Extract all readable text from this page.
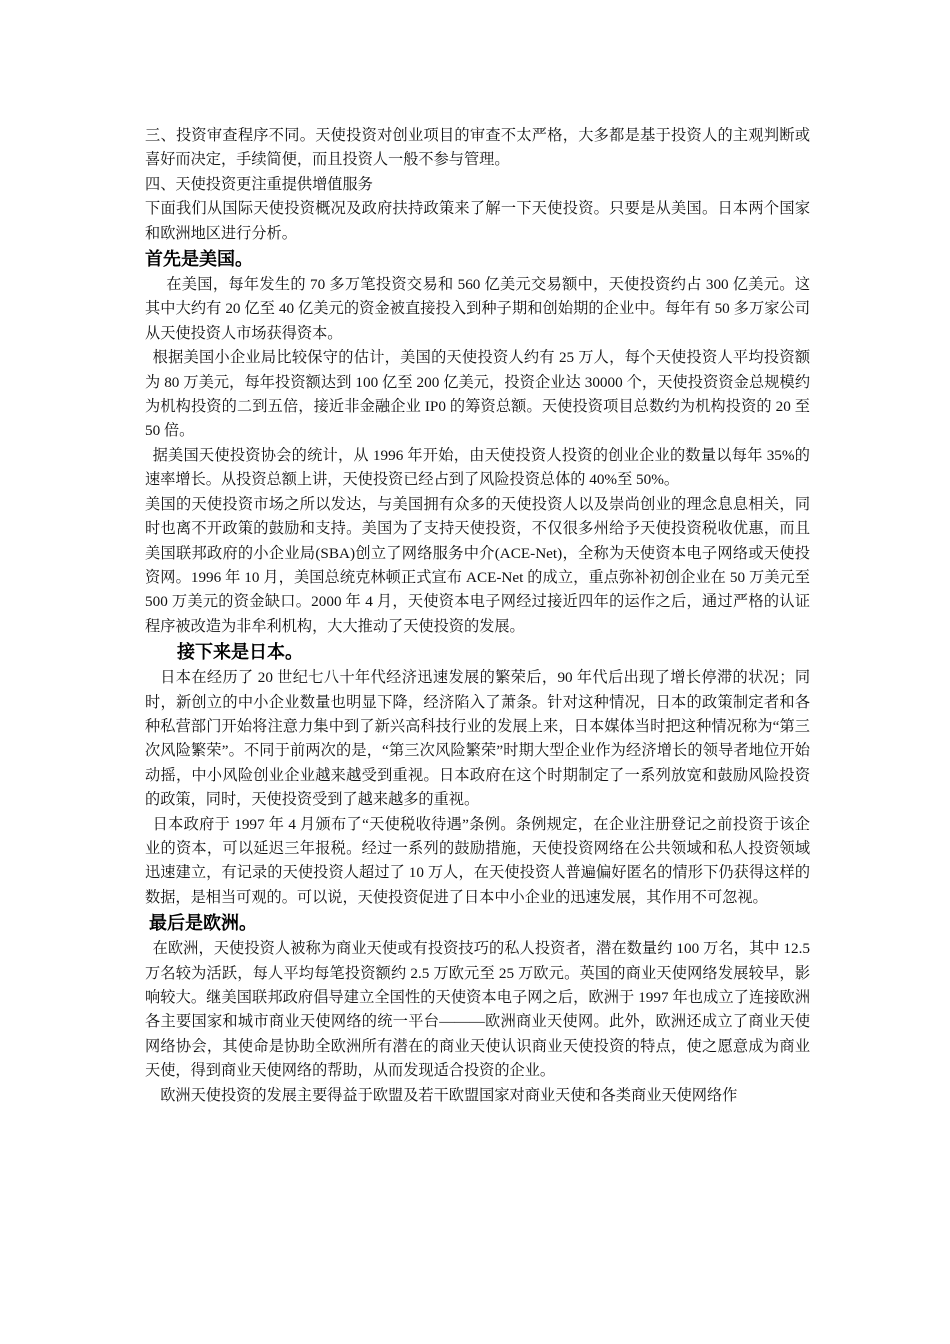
三、投资审查程序不同。天使投资对创业项目的审查不太严格，大多都是基于投资人的主观判断或喜好而决定，手续简便，而且投资人一般不参与管理。

四、天使投资更注重提供增值服务

下面我们从国际天使投资概况及政府扶持政策来了解一下天使投资。只要是从美国。日本两个国家和欧洲地区进行分析。

首先是美国。

在美国，每年发生的 70 多万笔投资交易和 560 亿美元交易额中，天使投资约占 300 亿美元。这其中大约有 20 亿至 40 亿美元的资金被直接投入到种子期和创始期的企业中。每年有 50 多万家公司从天使投资人市场获得资本。

根据美国小企业局比较保守的估计，美国的天使投资人约有 25 万人，每个天使投资人平均投资额为 80 万美元，每年投资额达到 100 亿至 200 亿美元，投资企业达 30000 个，天使投资资金总规模约为机构投资的二到五倍，接近非金融企业 IP0 的筹资总额。天使投资项目总数约为机构投资的 20 至 50 倍。

据美国天使投资协会的统计，从 1996 年开始，由天使投资人投资的创业企业的数量以每年 35%的速率增长。从投资总额上讲，天使投资已经占到了风险投资总体的 40%至 50%。

美国的天使投资市场之所以发达，与美国拥有众多的天使投资人以及崇尚创业的理念息息相关，同时也离不开政策的鼓励和支持。美国为了支持天使投资，不仅很多州给予天使投资税收优惠，而且美国联邦政府的小企业局(SBA)创立了网络服务中介(ACE-Net)，全称为天使资本电子网络或天使投资网。1996 年 10 月，美国总统克林顿正式宣布 ACE-Net 的成立，重点弥补初创企业在 50 万美元至 500 万美元的资金缺口。2000 年 4 月，天使资本电子网经过接近四年的运作之后，通过严格的认证程序被改造为非牟利机构，大大推动了天使投资的发展。

接下来是日本。

日本在经历了 20 世纪七八十年代经济迅速发展的繁荣后，90 年代后出现了增长停滞的状况；同时，新创立的中小企业数量也明显下降，经济陷入了萧条。针对这种情况，日本的政策制定者和各种私营部门开始将注意力集中到了新兴高科技行业的发展上来，日本媒体当时把这种情况称为“第三次风险繁荣”。不同于前两次的是，“第三次风险繁荣”时期大型企业作为经济增长的领导者地位开始动摇，中小风险创业企业越来越受到重视。日本政府在这个时期制定了一系列放宽和鼓励风险投资的政策，同时，天使投资受到了越来越多的重视。

日本政府于 1997 年 4 月颁布了“天使税收待遇”条例。条例规定，在企业注册登记之前投资于该企业的资本，可以延迟三年报税。经过一系列的鼓励措施，天使投资网络在公共领域和私人投资领域迅速建立，有记录的天使投资人超过了 10 万人，在天使投资人普遍偏好匿名的情形下仍获得这样的数据，是相当可观的。可以说，天使投资促进了日本中小企业的迅速发展，其作用不可忽视。

最后是欧洲。

在欧洲，天使投资人被称为商业天使或有投资技巧的私人投资者，潜在数量约 100 万名，其中 12.5 万名较为活跃，每人平均每笔投资额约 2.5 万欧元至 25 万欧元。英国的商业天使网络发展较早，影响较大。继美国联邦政府倡导建立全国性的天使资本电子网之后，欧洲于 1997 年也成立了连接欧洲各主要国家和城市商业天使网络的统一平台———欧洲商业天使网。此外，欧洲还成立了商业天使网络协会，其使命是协助全欧洲所有潜在的商业天使认识商业天使投资的特点，使之愿意成为商业天使，得到商业天使网络的帮助，从而发现适合投资的企业。

欧洲天使投资的发展主要得益于欧盟及若干欧盟国家对商业天使和各类商业天使网络作
